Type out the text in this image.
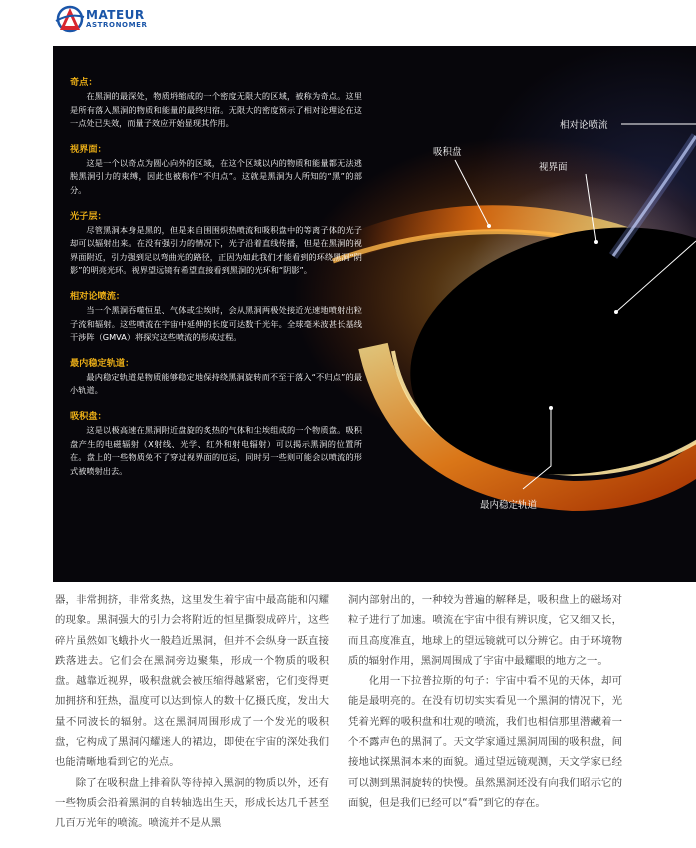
MATEUR
ASTRONOMER
奇点：
在黑洞的最深处，物质坍缩成的一个密度无限大的区域，被称为奇点。这里是所有落入黑洞的物质和能量的最终归宿。无限大的密度预示了相对论理论在这一点处已失效，而量子效应开始显现其作用。
视界面：
这是一个以奇点为圆心向外的区域，在这个区域以内的物质和能量都无法逃脱黑洞引力的束缚，因此也被称作“不归点”。这就是黑洞为人所知的“黑”的部分。
光子层：
尽管黑洞本身是黑的，但是来自围围炽热喷流和吸积盘中的等离子体的光子却可以辐射出来。在没有强引力的情况下，光子沿着直线传播，但是在黑洞的视界面附近，引力强到足以弯曲光的路径，正因为如此我们才能看到的环绕黑洞“阴影”的明亮光环。视界望远镜有希望直接看到黑洞的光环和“阴影”。
相对论喷流：
当一个黑洞吞噬恒星、气体或尘埃时，会从黑洞两极处接近光速地喷射出粒子流和辐射。这些喷流在宇宙中延伸的长度可达数千光年。全球毫米波甚长基线干涉阵（GMVA）将探究这些喷流的形成过程。
最内稳定轨道：
最内稳定轨道是物质能够稳定地保持绕黑洞旋转而不至于落入“不归点”的最小轨道。
吸积盘：
这是以极高速在黑洞附近盘旋的炙热的气体和尘埃组成的一个物质盘。吸积盘产生的电磁辐射（X射线、光学、红外和射电辐射）可以揭示黑洞的位置所在。盘上的一些物质免不了穿过视界面的厄运，同时另一些则可能会以喷流的形式被喷射出去。
相对论喷流
吸积盘
视界面
最内稳定轨道

器，非常拥挤，非常炙热，这里发生着宇宙中最高能和闪耀的现象。黑洞强大的引力会将附近的恒星撕裂成碎片，这些碎片虽然如飞蛾扑火一般趋近黑洞，但并不会纵身一跃直接跌落进去。它们会在黑洞旁边聚集，形成一个物质的吸积盘。越靠近视界，吸积盘就会被压缩得越紧密，它们变得更加拥挤和狂热，温度可以达到惊人的数十亿摄氏度，发出大量不同波长的辐射。这在黑洞周围形成了一个发光的吸积盘，它构成了黑洞闪耀迷人的裙边，即使在宇宙的深处我们也能清晰地看到它的光点。

除了在吸积盘上排着队等待掉入黑洞的物质以外，还有一些物质会沿着黑洞的自转轴选出生天，形成长达几千甚至几百万光年的喷流。喷流并不是从黑

洞内部射出的，一种较为普遍的解释是，吸积盘上的磁场对粒子进行了加速。喷流在宇宙中很有辨识度，它又细又长，而且高度准直，地球上的望远镜就可以分辨它。由于环境物质的辐射作用，黑洞周围成了宇宙中最耀眼的地方之一。

化用一下拉普拉斯的句子：宇宙中看不见的天体，却可能是最明亮的。在没有切切实实看见一个黑洞的情况下，光凭着光辉的吸积盘和壮观的喷流，我们也相信那里潜藏着一个不露声色的黑洞了。天文学家通过黑洞周围的吸积盘，间接地试探黑洞本来的面貌。通过望远镜观测，天文学家已经可以测到黑洞旋转的快慢。虽然黑洞还没有向我们昭示它的面貌，但是我们已经可以“看”到它的存在。
